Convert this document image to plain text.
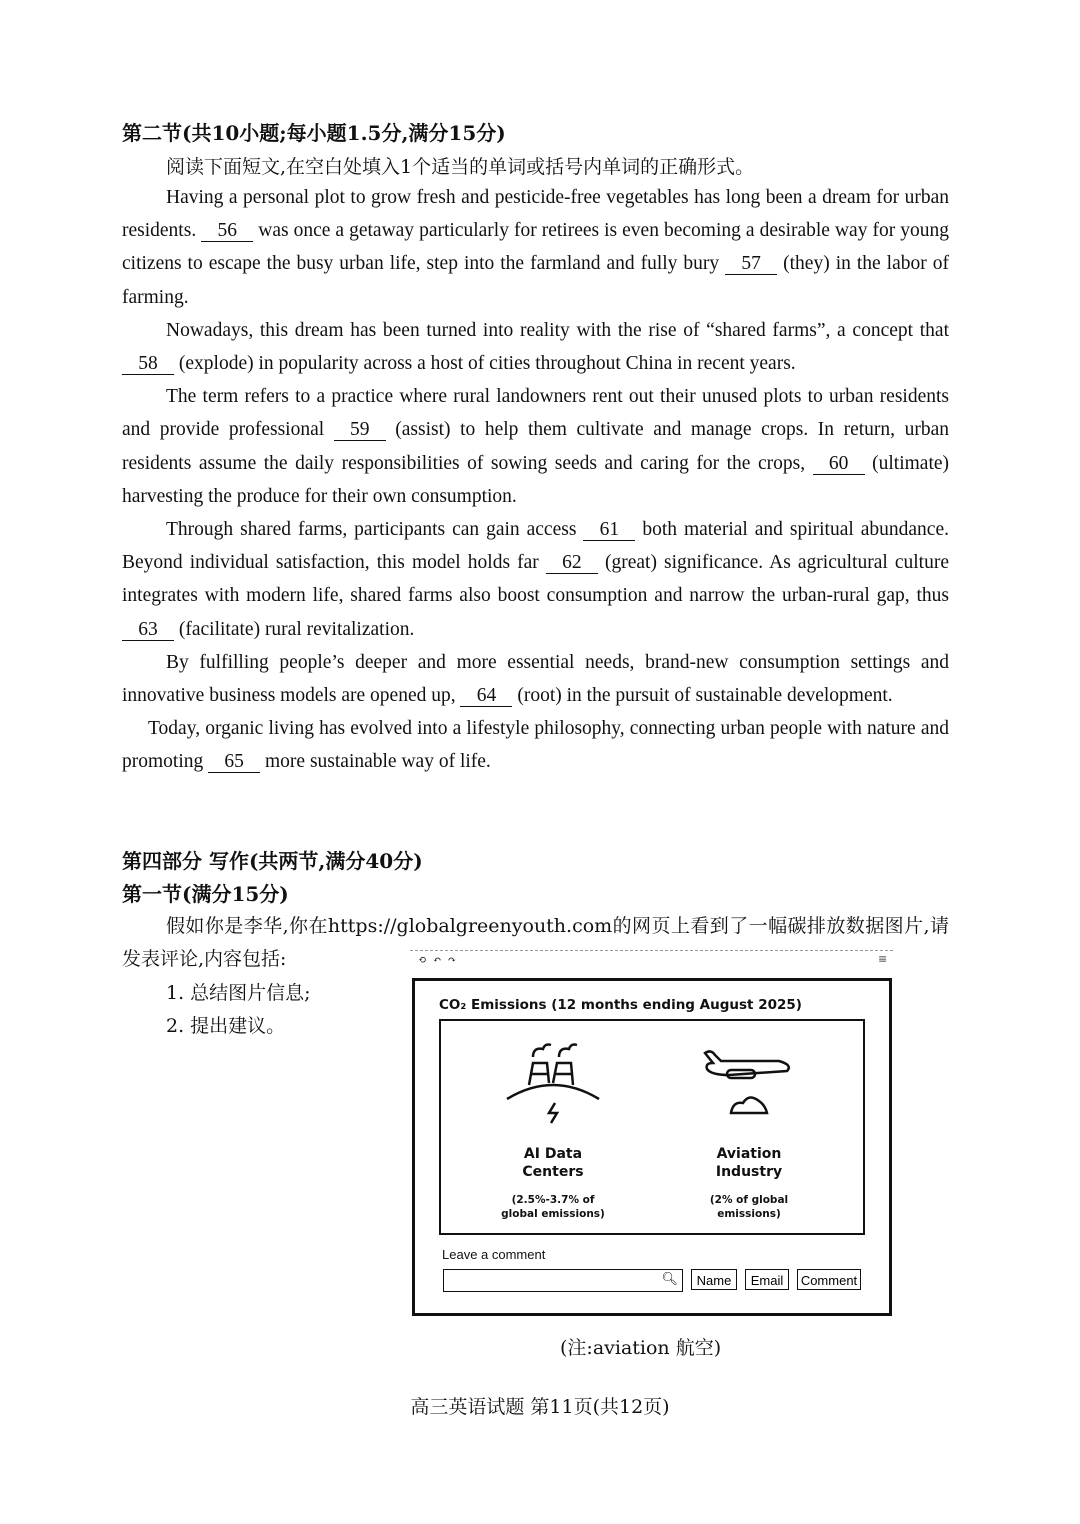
第二节(共10小题;每小题1.5分,满分15分)
阅读下面短文,在空白处填入1个适当的单词或括号内单词的正确形式。

Having a personal plot to grow fresh and pesticide-free vegetables has long been a dream for urban residents. 56 was once a getaway particularly for retirees is even becoming a desirable way for young citizens to escape the busy urban life, step into the farmland and fully bury 57 (they) in the labor of farming.

Nowadays, this dream has been turned into reality with the rise of “shared farms”, a concept that 58 (explode) in popularity across a host of cities throughout China in recent years.

The term refers to a practice where rural landowners rent out their unused plots to urban residents and provide professional 59 (assist) to help them cultivate and manage crops. In return, urban residents assume the daily responsibilities of sowing seeds and caring for the crops, 60 (ultimate) harvesting the produce for their own consumption.

Through shared farms, participants can gain access 61 both material and spiritual abundance. Beyond individual satisfaction, this model holds far 62 (great) significance. As agricultural culture integrates with modern life, shared farms also boost consumption and narrow the urban-rural gap, thus 63 (facilitate) rural revitalization.

By fulfilling people’s deeper and more essential needs, brand-new consumption settings and innovative business models are opened up, 64 (root) in the pursuit of sustainable development.

Today, organic living has evolved into a lifestyle philosophy, connecting urban people with nature and promoting 65 more sustainable way of life.

第四部分 写作(共两节,满分40分)
第一节(满分15分)
假如你是李华,你在https://globalgreenyouth.com的网页上看到了一幅碳排放数据图片,请发表评论,内容包括:
1. 总结图片信息;
2. 提出建议。
⟲ ↶ ↷	≡
CO₂ Emissions (12 months ending August 2025)
AI Data
Centers
(2.5%-3.7% of
global emissions)
Aviation
Industry
(2% of global
emissions)
Leave a comment
🔍︎	Name	Email	Comment
(注:aviation 航空)
高三英语试题 第11页(共12页)
